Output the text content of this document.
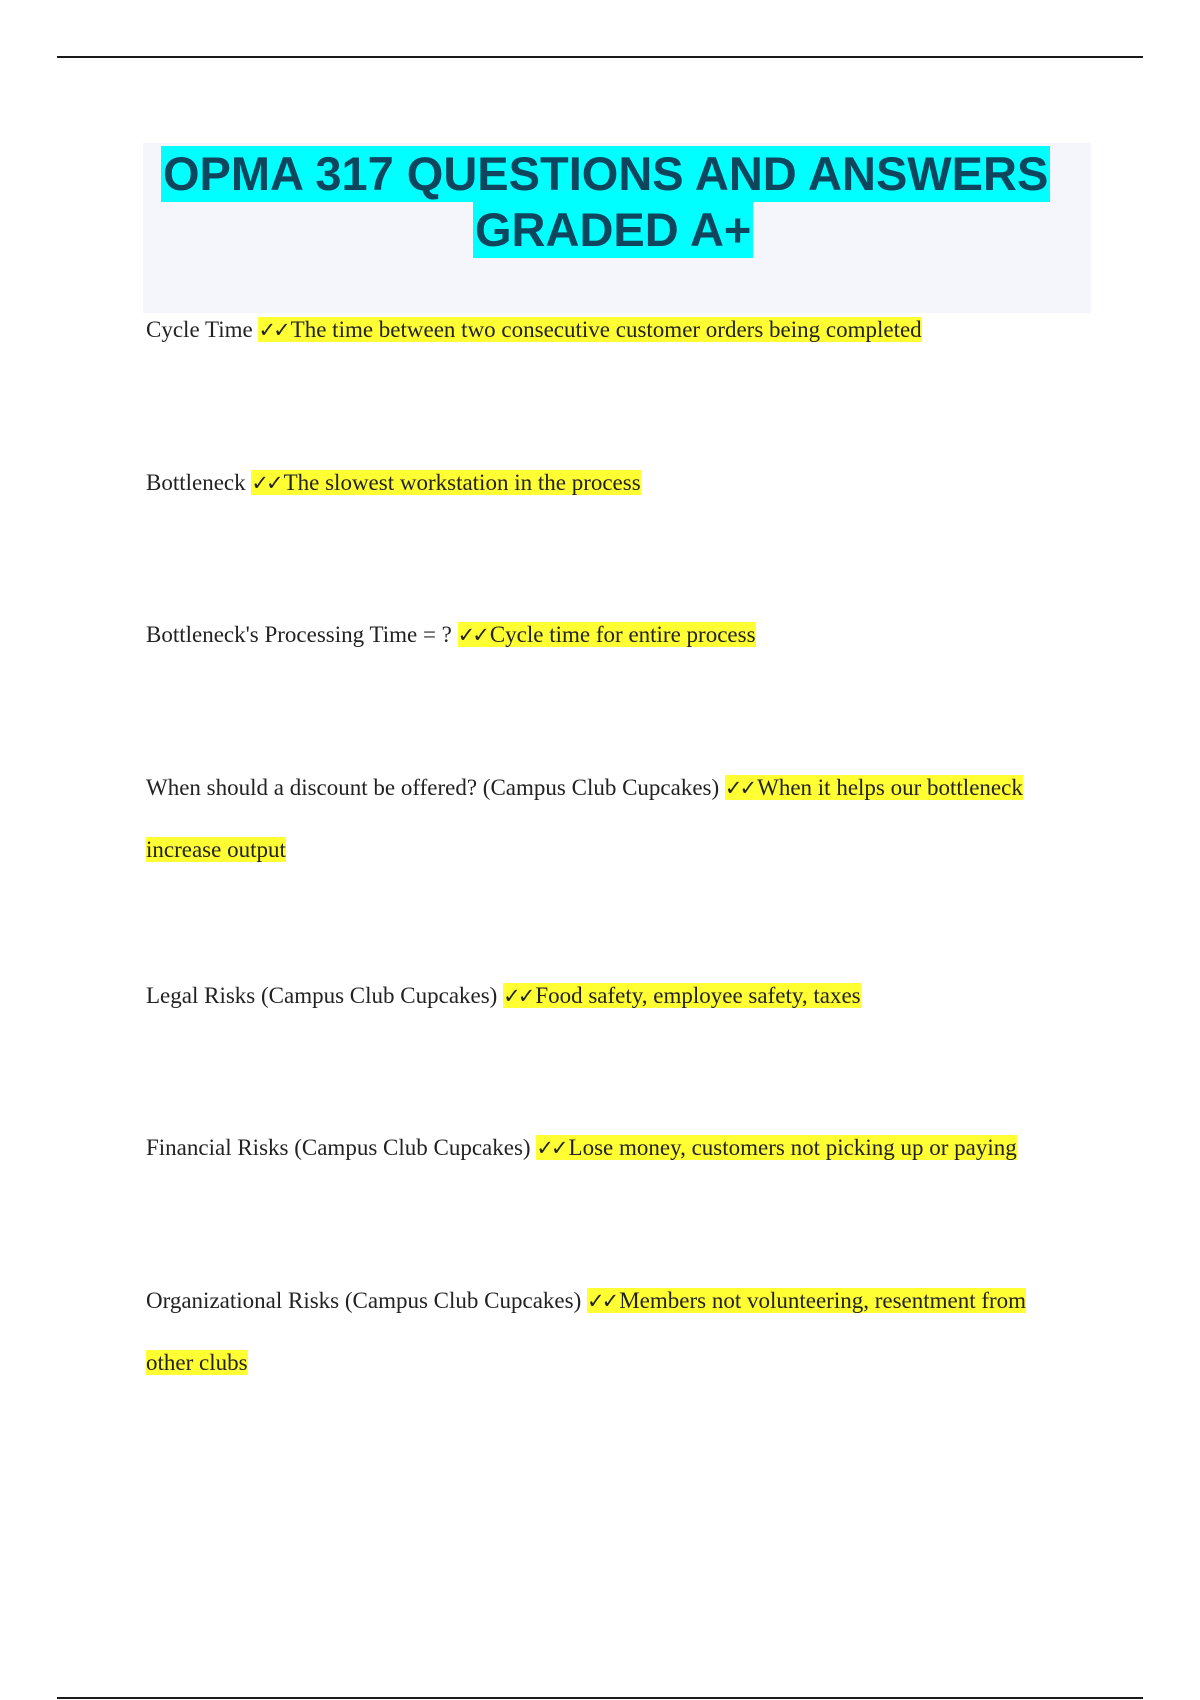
OPMA 317 QUESTIONS AND ANSWERS
GRADED A+
Cycle Time ✓✓ The time between two consecutive customer orders being completed
Bottleneck ✓✓ The slowest workstation in the process
Bottleneck's Processing Time = ? ✓✓ Cycle time for entire process
When should a discount be offered? (Campus Club Cupcakes) ✓✓ When it helps our bottleneck increase output
Legal Risks (Campus Club Cupcakes) ✓✓ Food safety, employee safety, taxes
Financial Risks (Campus Club Cupcakes) ✓✓ Lose money, customers not picking up or paying
Organizational Risks (Campus Club Cupcakes) ✓✓ Members not volunteering, resentment from other clubs
